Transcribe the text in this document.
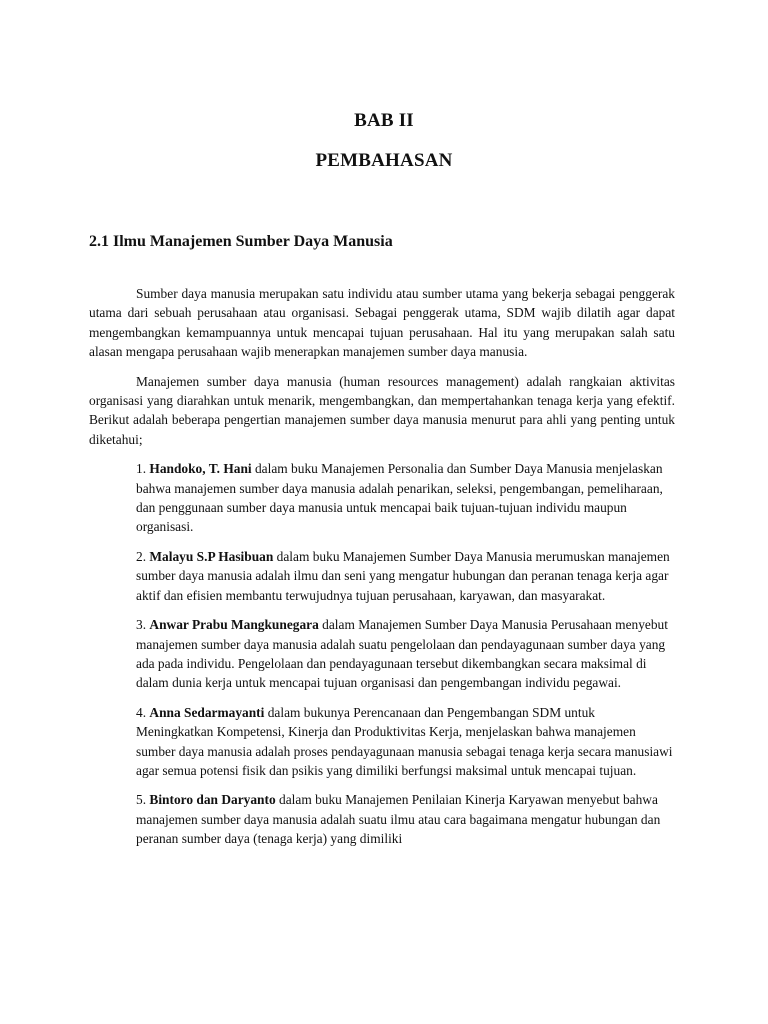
BAB II
PEMBAHASAN
2.1 Ilmu Manajemen Sumber Daya Manusia

Sumber daya manusia merupakan satu individu atau sumber utama yang bekerja sebagai penggerak utama dari sebuah perusahaan atau organisasi. Sebagai penggerak utama, SDM wajib dilatih agar dapat mengembangkan kemampuannya untuk mencapai tujuan perusahaan. Hal itu yang merupakan salah satu alasan mengapa perusahaan wajib menerapkan manajemen sumber daya manusia.

Manajemen sumber daya manusia (human resources management) adalah rangkaian aktivitas organisasi yang diarahkan untuk menarik, mengembangkan, dan mempertahankan tenaga kerja yang efektif. Berikut adalah beberapa pengertian manajemen sumber daya manusia menurut para ahli yang penting untuk diketahui;

1. Handoko, T. Hani dalam buku Manajemen Personalia dan Sumber Daya Manusia menjelaskan bahwa manajemen sumber daya manusia adalah penarikan, seleksi, pengembangan, pemeliharaan, dan penggunaan sumber daya manusia untuk mencapai baik tujuan-tujuan individu maupun organisasi.

2. Malayu S.P Hasibuan dalam buku Manajemen Sumber Daya Manusia merumuskan manajemen sumber daya manusia adalah ilmu dan seni yang mengatur hubungan dan peranan tenaga kerja agar aktif dan efisien membantu terwujudnya tujuan perusahaan, karyawan, dan masyarakat.

3. Anwar Prabu Mangkunegara dalam Manajemen Sumber Daya Manusia Perusahaan menyebut manajemen sumber daya manusia adalah suatu pengelolaan dan pendayagunaan sumber daya yang ada pada individu. Pengelolaan dan pendayagunaan tersebut dikembangkan secara maksimal di dalam dunia kerja untuk mencapai tujuan organisasi dan pengembangan individu pegawai.

4. Anna Sedarmayanti dalam bukunya Perencanaan dan Pengembangan SDM untuk Meningkatkan Kompetensi, Kinerja dan Produktivitas Kerja, menjelaskan bahwa manajemen sumber daya manusia adalah proses pendayagunaan manusia sebagai tenaga kerja secara manusiawi agar semua potensi fisik dan psikis yang dimiliki berfungsi maksimal untuk mencapai tujuan.

5. Bintoro dan Daryanto dalam buku Manajemen Penilaian Kinerja Karyawan menyebut bahwa manajemen sumber daya manusia adalah suatu ilmu atau cara bagaimana mengatur hubungan dan peranan sumber daya (tenaga kerja) yang dimiliki
